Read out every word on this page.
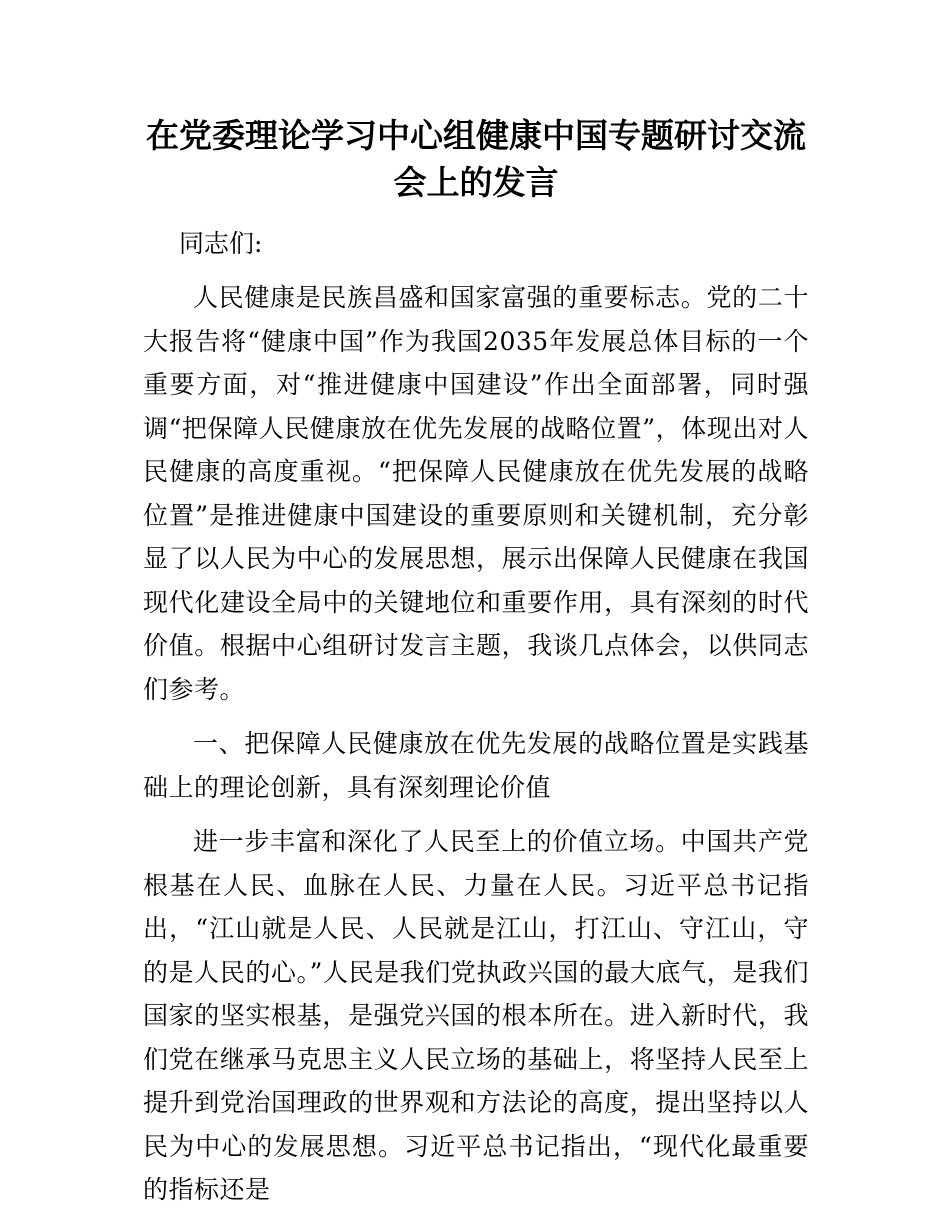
在党委理论学习中心组健康中国专题研讨交流会上的发言
同志们:
人民健康是民族昌盛和国家富强的重要标志。党的二十大报告将“健康中国”作为我国2035年发展总体目标的一个重要方面，对“推进健康中国建设”作出全面部署，同时强调“把保障人民健康放在优先发展的战略位置”，体现出对人民健康的高度重视。“把保障人民健康放在优先发展的战略位置”是推进健康中国建设的重要原则和关键机制，充分彰显了以人民为中心的发展思想，展示出保障人民健康在我国现代化建设全局中的关键地位和重要作用，具有深刻的时代价值。根据中心组研讨发言主题，我谈几点体会，以供同志们参考。
一、把保障人民健康放在优先发展的战略位置是实践基础上的理论创新，具有深刻理论价值
进一步丰富和深化了人民至上的价值立场。中国共产党根基在人民、血脉在人民、力量在人民。习近平总书记指出，“江山就是人民、人民就是江山，打江山、守江山，守的是人民的心。”人民是我们党执政兴国的最大底气，是我们国家的坚实根基，是强党兴国的根本所在。进入新时代，我们党在继承马克思主义人民立场的基础上，将坚持人民至上提升到党治国理政的世界观和方法论的高度，提出坚持以人民为中心的发展思想。习近平总书记指出，“现代化最重要的指标还是
